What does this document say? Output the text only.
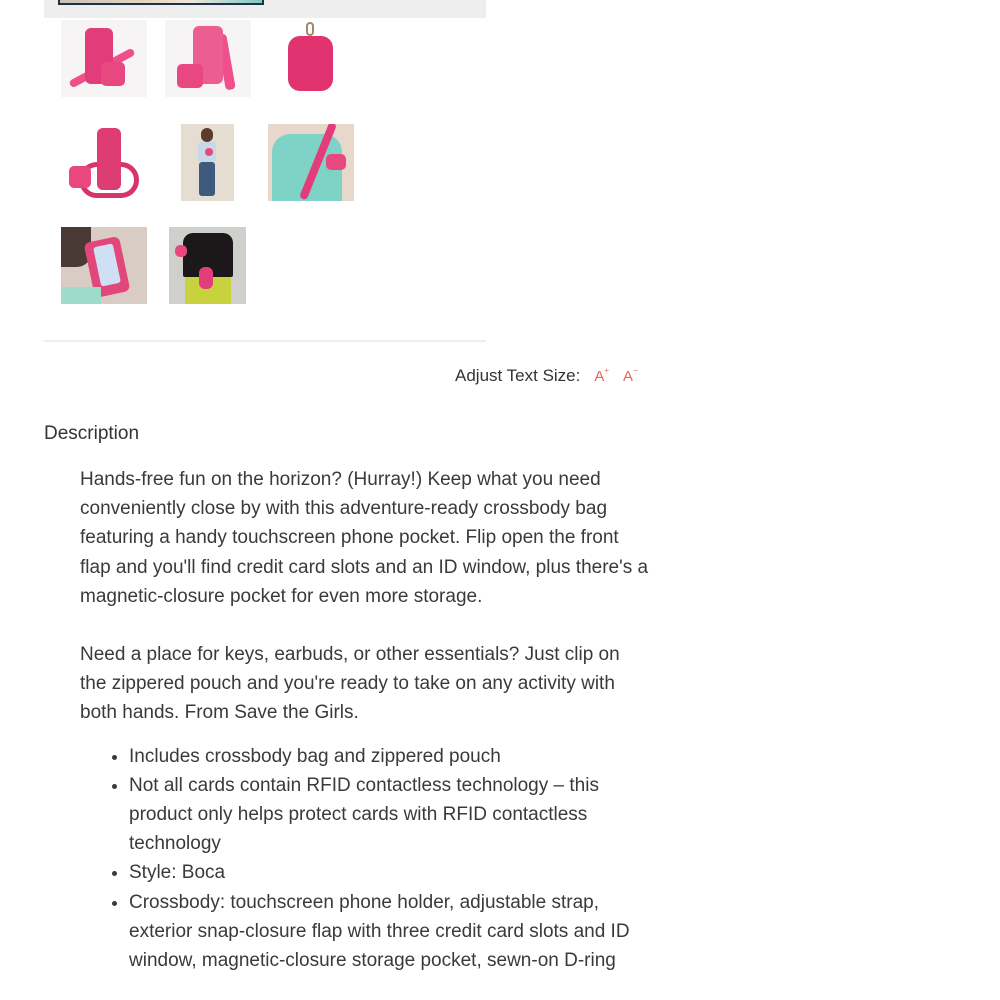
Adjust Text Size: A+ A−
Description

Hands-free fun on the horizon? (Hurray!) Keep what you need conveniently close by with this adventure-ready crossbody bag featuring a handy touchscreen phone pocket. Flip open the front flap and you'll find credit card slots and an ID window, plus there's a magnetic-closure pocket for even more storage.

Need a place for keys, earbuds, or other essentials? Just clip on the zippered pouch and you're ready to take on any activity with both hands. From Save the Girls.

• Includes crossbody bag and zippered pouch
• Not all cards contain RFID contactless technology – this product only helps protect cards with RFID contactless technology
• Style: Boca
• Crossbody: touchscreen phone holder, adjustable strap, exterior snap-closure flap with three credit card slots and ID window, magnetic-closure storage pocket, sewn-on D-ring
